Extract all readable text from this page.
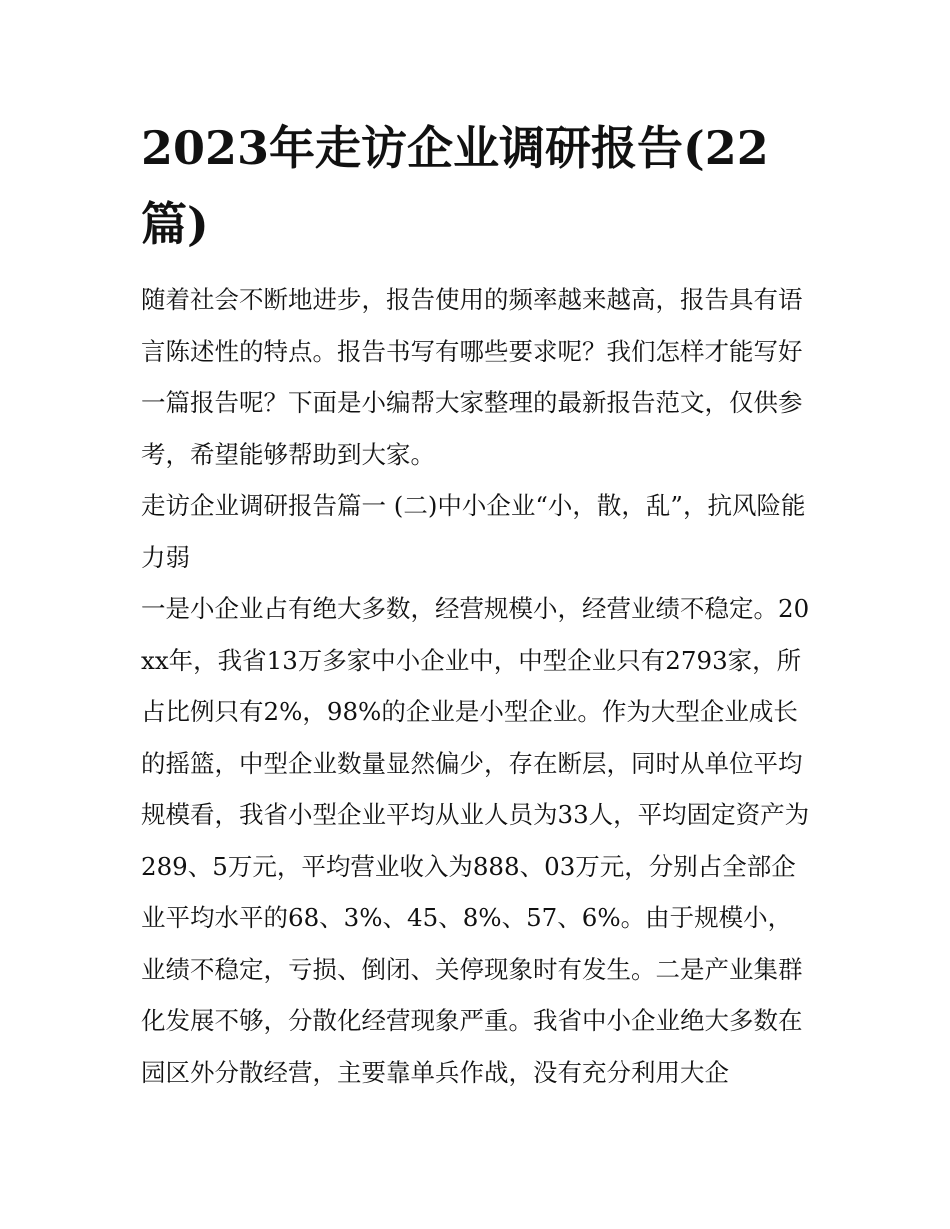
2023年走访企业调研报告(22篇)

随着社会不断地进步，报告使用的频率越来越高，报告具有语言陈述性的特点。报告书写有哪些要求呢？我们怎样才能写好一篇报告呢？下面是小编帮大家整理的最新报告范文，仅供参考，希望能够帮助到大家。

走访企业调研报告篇一 (二)中小企业“小，散，乱”，抗风险能力弱

一是小企业占有绝大多数，经营规模小，经营业绩不稳定。20xx年，我省13万多家中小企业中，中型企业只有2793家，所占比例只有2%，98%的企业是小型企业。作为大型企业成长的摇篮，中型企业数量显然偏少，存在断层，同时从单位平均规模看，我省小型企业平均从业人员为33人，平均固定资产为289、5万元，平均营业收入为888、03万元，分别占全部企业平均水平的68、3%、45、8%、57、6%。由于规模小，业绩不稳定，亏损、倒闭、关停现象时有发生。二是产业集群化发展不够，分散化经营现象严重。我省中小企业绝大多数在园区外分散经营，主要靠单兵作战，没有充分利用大企
